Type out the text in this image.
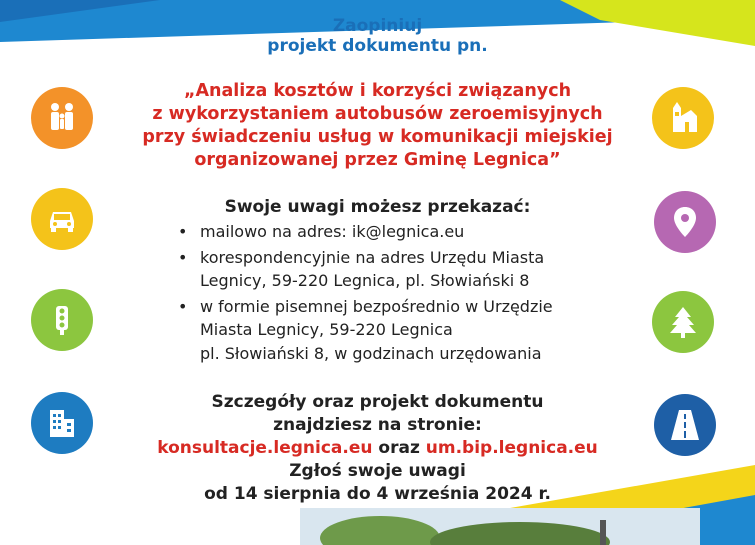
Zaopiniuj
projekt dokumentu pn.
„Analiza kosztów i korzyści związanych
z wykorzystaniem autobusów zeroemisyjnych
przy świadczeniu usług w komunikacji miejskiej
organizowanej przez Gminę Legnica”
Swoje uwagi możesz przekazać:
• mailowo na adres: ik@legnica.eu
• korespondencyjnie na adres Urzędu Miasta
Legnicy, 59-220 Legnica, pl. Słowiański 8
• w formie pisemnej bezpośrednio w Urzędzie
Miasta Legnicy, 59-220 Legnica
pl. Słowiański 8, w godzinach urzędowania
Szczegóły oraz projekt dokumentu
znajdziesz na stronie:
konsultacje.legnica.eu oraz um.bip.legnica.eu
Zgłoś swoje uwagi
od 14 sierpnia do 4 września 2024 r.
